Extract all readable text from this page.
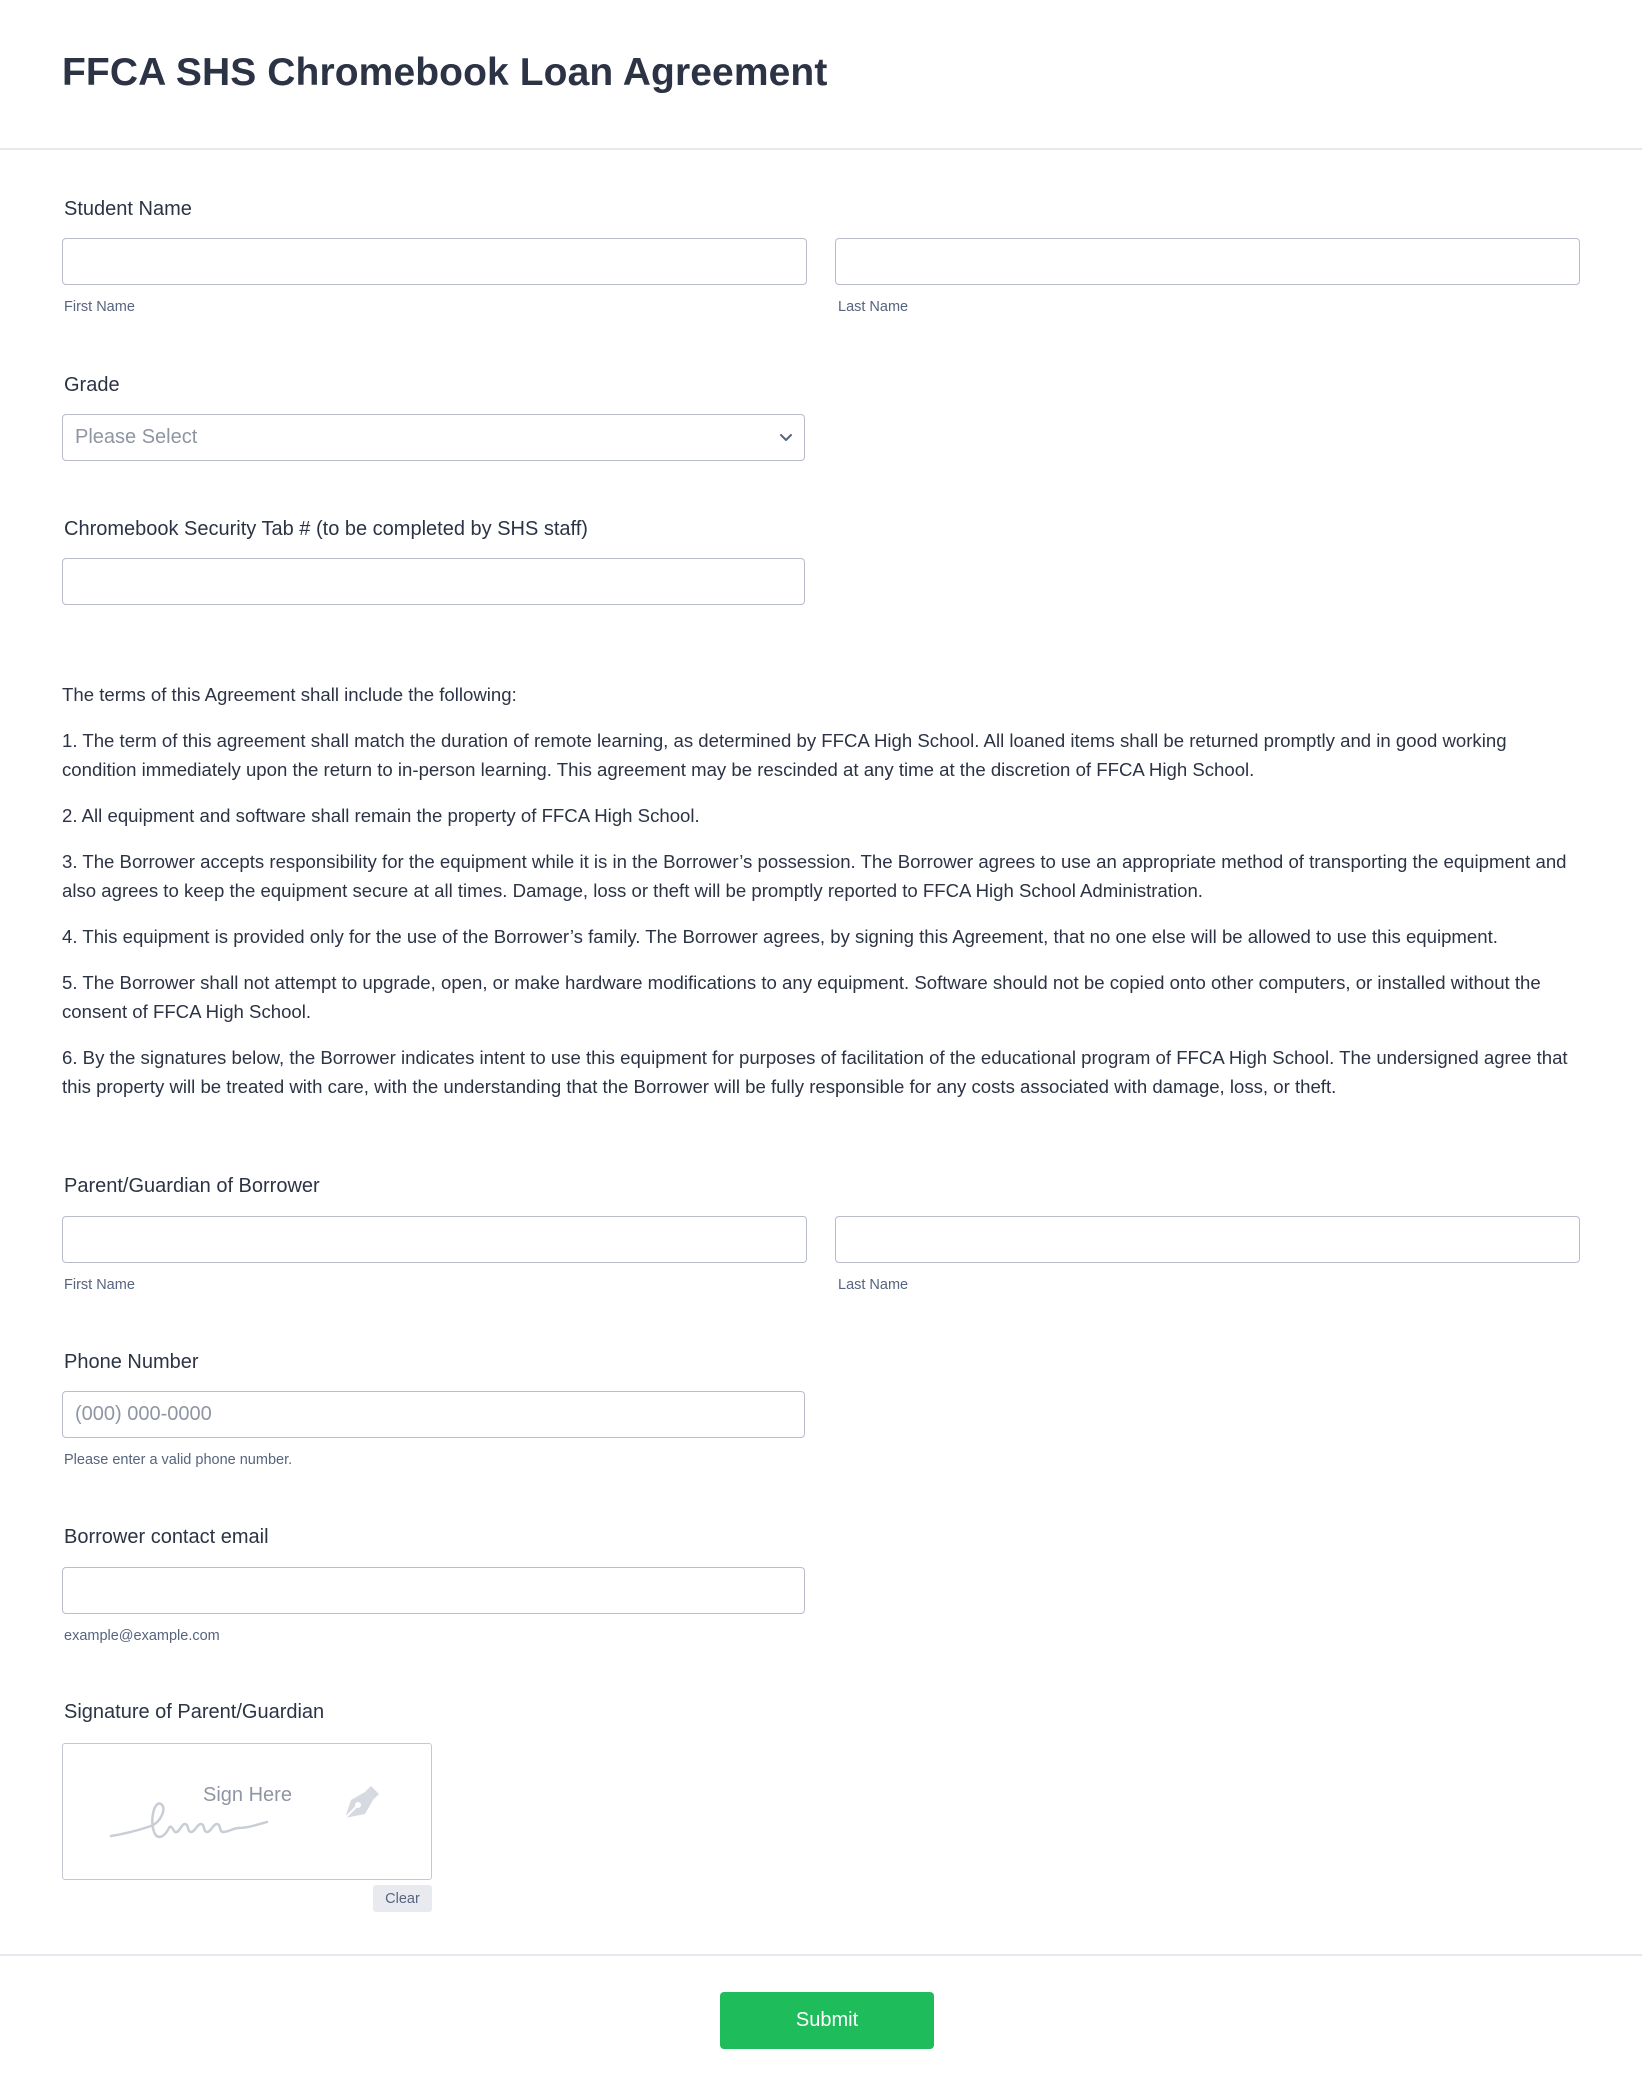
FFCA SHS Chromebook Loan Agreement
Student Name
First Name	Last Name
Grade
Please Select
Chromebook Security Tab # (to be completed by SHS staff)

The terms of this Agreement shall include the following:

1. The term of this agreement shall match the duration of remote learning, as determined by FFCA High School. All loaned items shall be returned promptly and in good working condition immediately upon the return to in-person learning. This agreement may be rescinded at any time at the discretion of FFCA High School.

2. All equipment and software shall remain the property of FFCA High School.

3. The Borrower accepts responsibility for the equipment while it is in the Borrower’s possession. The Borrower agrees to use an appropriate method of transporting the equipment and also agrees to keep the equipment secure at all times. Damage, loss or theft will be promptly reported to FFCA High School Administration.

4. This equipment is provided only for the use of the Borrower’s family. The Borrower agrees, by signing this Agreement, that no one else will be allowed to use this equipment.

5. The Borrower shall not attempt to upgrade, open, or make hardware modifications to any equipment. Software should not be copied onto other computers, or installed without the consent of FFCA High School.

6. By the signatures below, the Borrower indicates intent to use this equipment for purposes of facilitation of the educational program of FFCA High School. The undersigned agree that this property will be treated with care, with the understanding that the Borrower will be fully responsible for any costs associated with damage, loss, or theft.

Parent/Guardian of Borrower
First Name	Last Name
Phone Number
(000) 000-0000
Please enter a valid phone number.
Borrower contact email
example@example.com
Signature of Parent/Guardian
Sign Here
Clear
Submit
